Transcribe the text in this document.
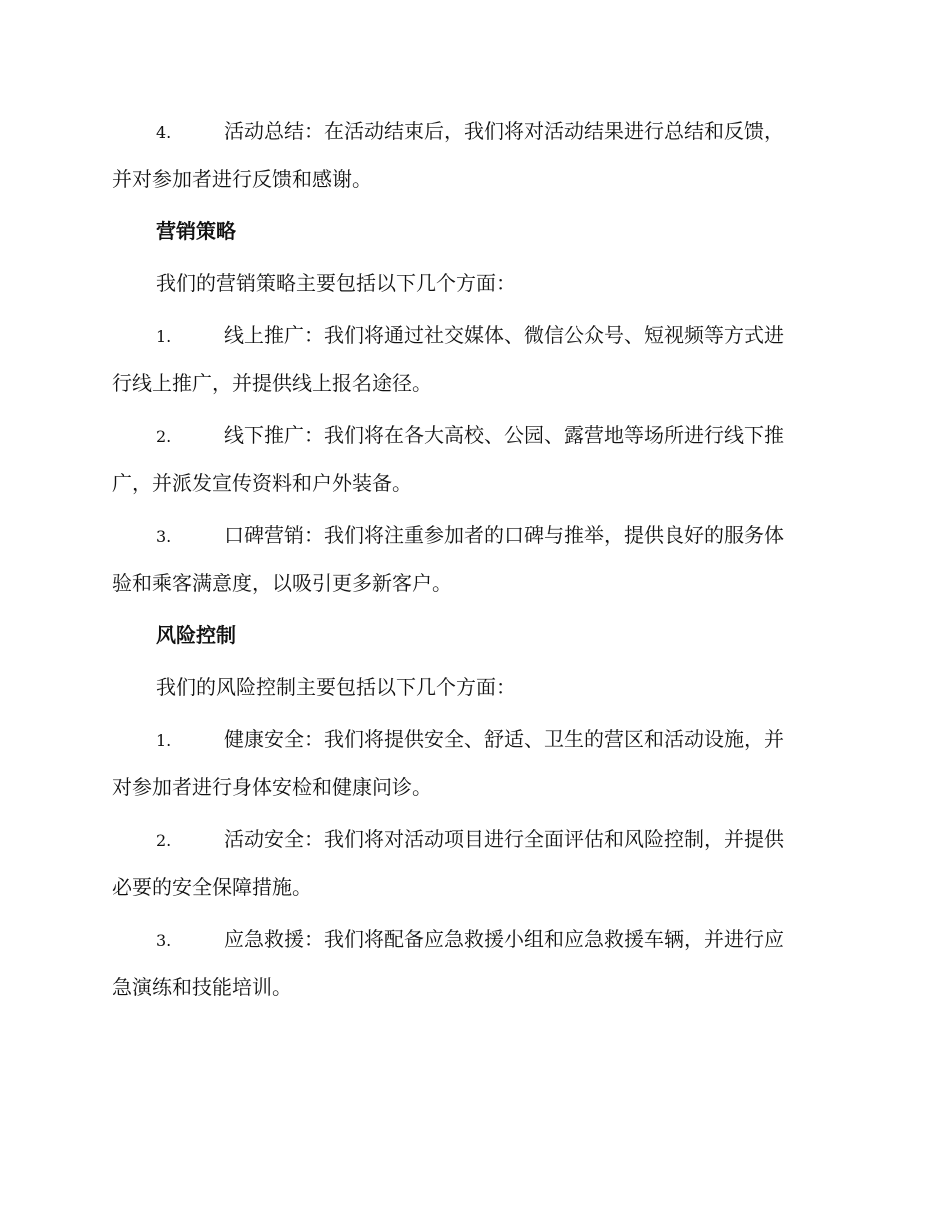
4.	活动总结：在活动结束后，我们将对活动结果进行总结和反馈，
并对参加者进行反馈和感谢。
营销策略
我们的营销策略主要包括以下几个方面：
1.	线上推广：我们将通过社交媒体、微信公众号、短视频等方式进
行线上推广，并提供线上报名途径。
2.	线下推广：我们将在各大高校、公园、露营地等场所进行线下推
广，并派发宣传资料和户外装备。
3.	口碑营销：我们将注重参加者的口碑与推举，提供良好的服务体
验和乘客满意度，以吸引更多新客户。
风险控制
我们的风险控制主要包括以下几个方面：
1.	健康安全：我们将提供安全、舒适、卫生的营区和活动设施，并
对参加者进行身体安检和健康问诊。
2.	活动安全：我们将对活动项目进行全面评估和风险控制，并提供
必要的安全保障措施。
3.	应急救援：我们将配备应急救援小组和应急救援车辆，并进行应
急演练和技能培训。
